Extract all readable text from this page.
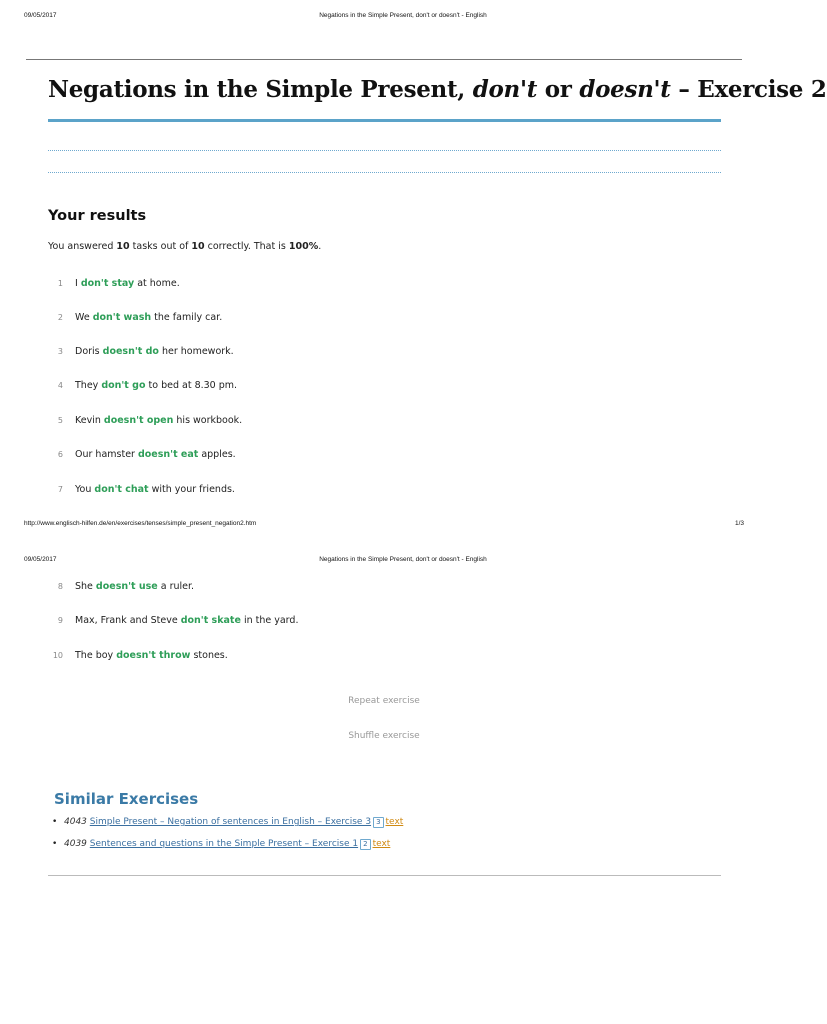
09/05/2017	Negations in the Simple Present, don't or doesn't - English
Negations in the Simple Present, don't or doesn't – Exercise 2
Your results

You answered 10 tasks out of 10 correctly. That is 100%.

1 I don't stay at home.
2 We don't wash the family car.
3 Doris doesn't do her homework.
4 They don't go to bed at 8.30 pm.
5 Kevin doesn't open his workbook.
6 Our hamster doesn't eat apples.
7 You don't chat with your friends.
http://www.englisch-hilfen.de/en/exercises/tenses/simple_present_negation2.htm	1/3
09/05/2017	Negations in the Simple Present, don't or doesn't - English
8 She doesn't use a ruler.
9 Max, Frank and Steve don't skate in the yard.
10 The boy doesn't throw stones.
Repeat exercise
Shuffle exercise
Similar Exercises
• 4043 Simple Present – Negation of sentences in English – Exercise 3 3 text
• 4039 Sentences and questions in the Simple Present – Exercise 1 2 text
